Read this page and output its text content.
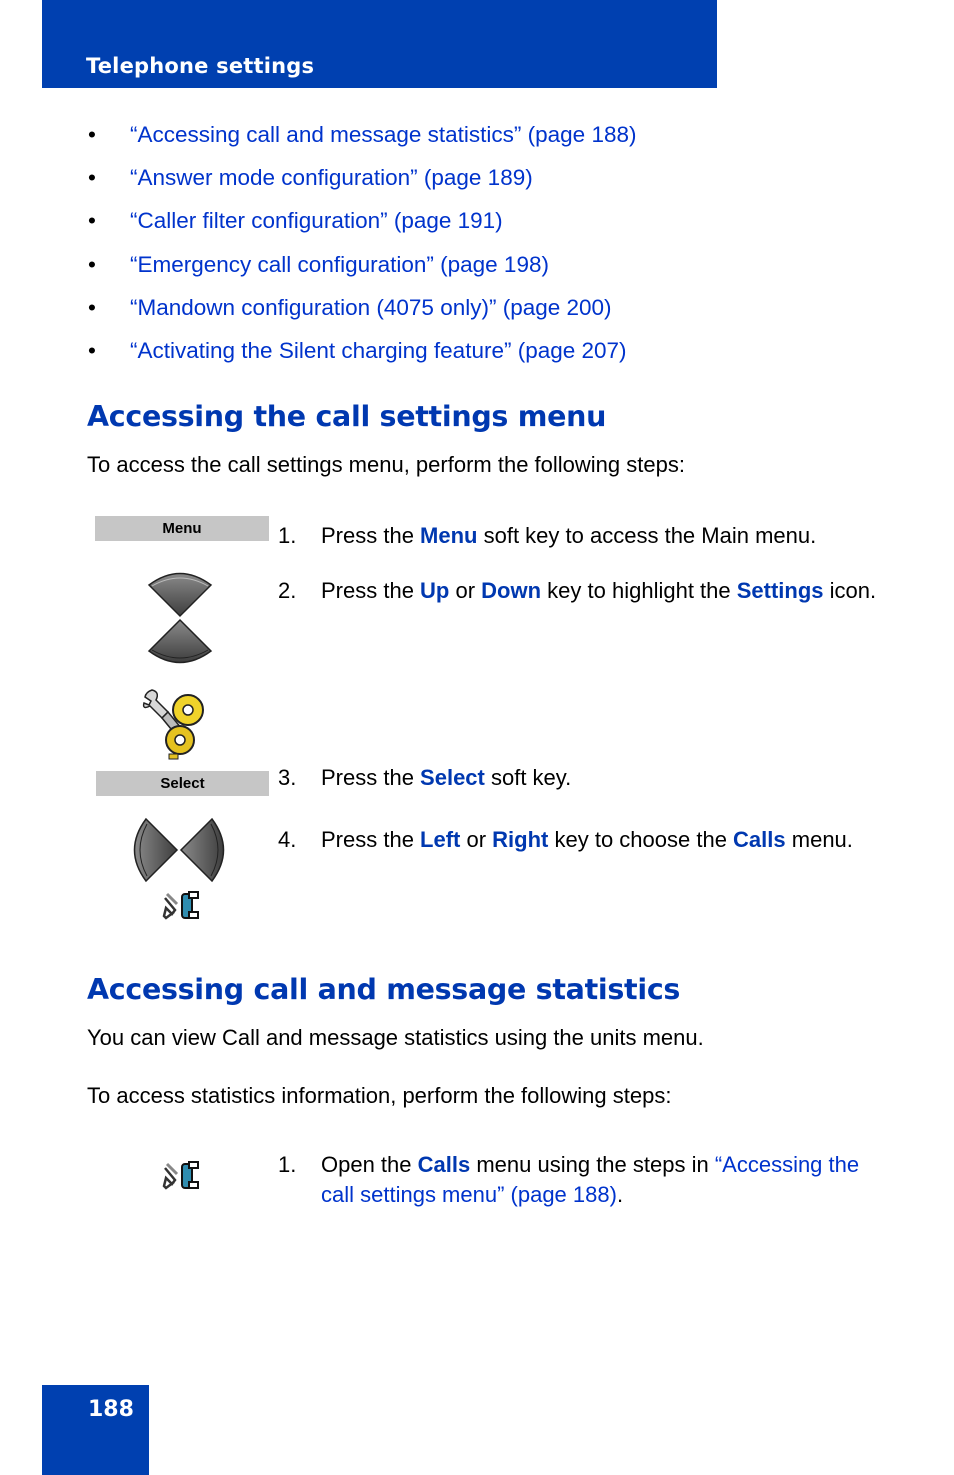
Telephone settings
• “Accessing call and message statistics” (page 188)
• “Answer mode configuration” (page 189)
• “Caller filter configuration” (page 191)
• “Emergency call configuration” (page 198)
• “Mandown configuration (4075 only)” (page 200)
• “Activating the Silent charging feature” (page 207)
Accessing the call settings menu

To access the call settings menu, perform the following steps:

Menu
Select
1. Press the Menu soft key to access the Main menu.
2. Press the Up or Down key to highlight the Settings icon.
3. Press the Select soft key.
4. Press the Left or Right key to choose the Calls menu.
Accessing call and message statistics

You can view Call and message statistics using the units menu.

To access statistics information, perform the following steps:

1. Open the Calls menu using the steps in “Accessing the call settings menu” (page 188).
188
